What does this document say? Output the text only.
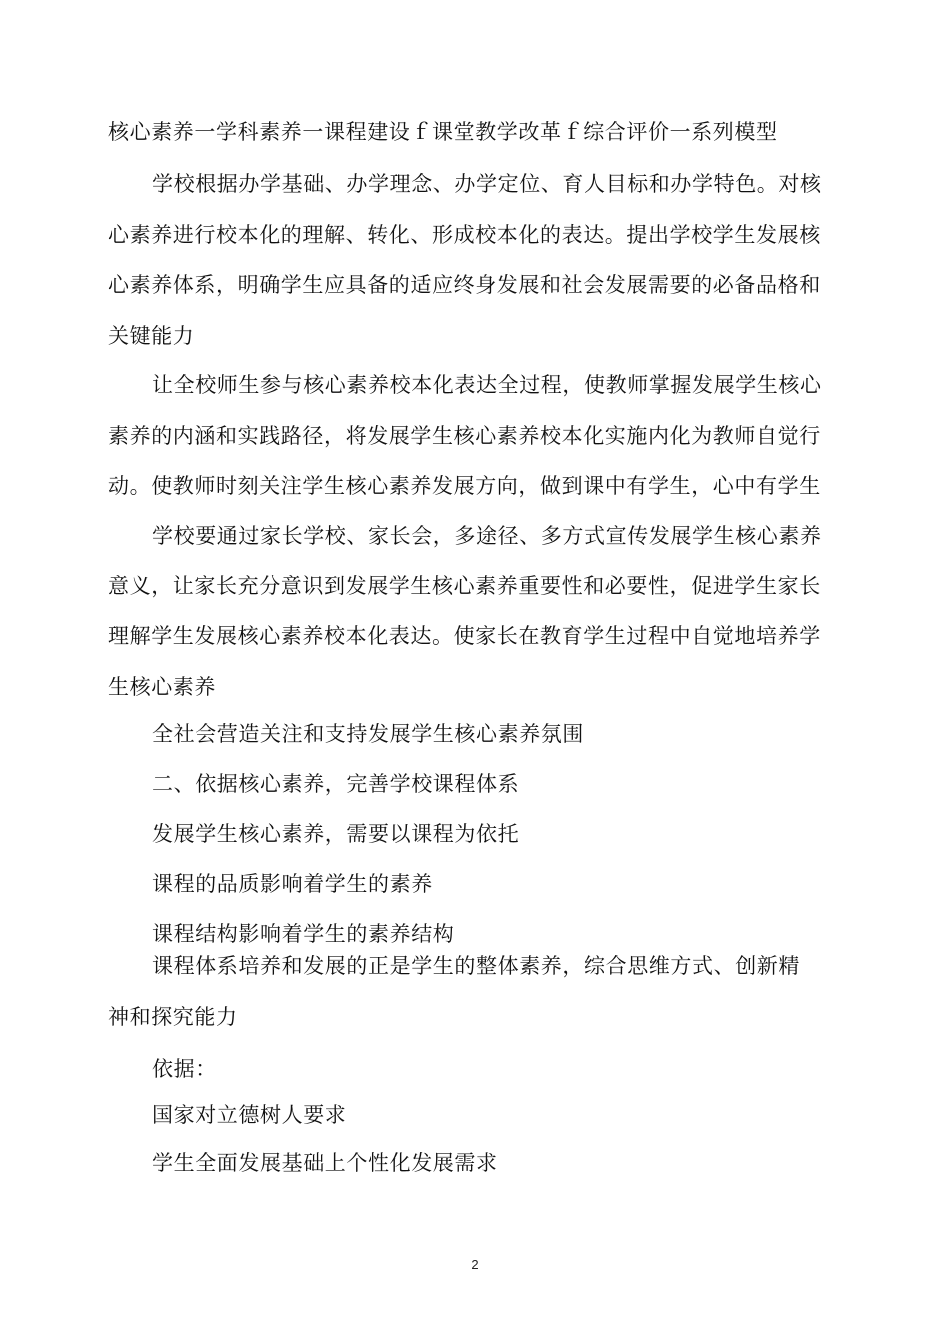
核心素养一学科素养一课程建设ｆ课堂教学改革ｆ综合评价一系列模型
学校根据办学基础、办学理念、办学定位、育人目标和办学特色。对核
心素养进行校本化的理解、转化、形成校本化的表达。提出学校学生发展核
心素养体系，明确学生应具备的适应终身发展和社会发展需要的必备品格和
关键能力
让全校师生参与核心素养校本化表达全过程，使教师掌握发展学生核心
素养的内涵和实践路径，将发展学生核心素养校本化实施内化为教师自觉行
动。使教师时刻关注学生核心素养发展方向，做到课中有学生，心中有学生
学校要通过家长学校、家长会，多途径、多方式宣传发展学生核心素养
意义，让家长充分意识到发展学生核心素养重要性和必要性，促进学生家长
理解学生发展核心素养校本化表达。使家长在教育学生过程中自觉地培养学
生核心素养
全社会营造关注和支持发展学生核心素养氛围
二、依据核心素养，完善学校课程体系
发展学生核心素养，需要以课程为依托
课程的品质影响着学生的素养
课程结构影响着学生的素养结构
课程体系培养和发展的正是学生的整体素养，综合思维方式、创新精
神和探究能力
依据：
国家对立德树人要求
学生全面发展基础上个性化发展需求
2
